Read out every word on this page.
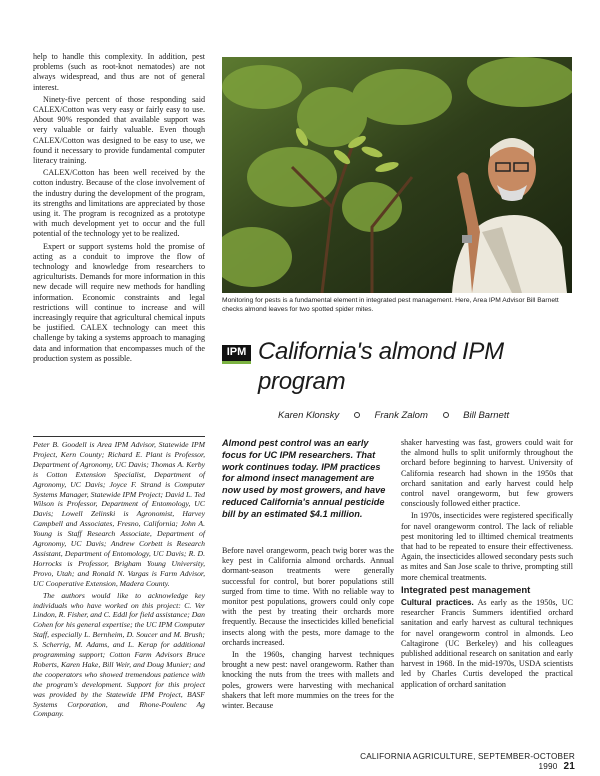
help to handle this complexity. In addition, pest problems (such as root-knot nematodes) are not always widespread, and thus are not of general interest.

Ninety-five percent of those responding said CALEX/Cotton was very easy or fairly easy to use. About 90% responded that available support was very valuable or fairly valuable. Even though CALEX/Cotton was designed to be easy to use, we found it necessary to provide fundamental computer literacy training.

CALEX/Cotton has been well received by the cotton industry. Because of the close involvement of the industry during the development of the program, its strengths and limitations are appreciated by those using it. The program is recognized as a prototype with much development yet to occur and the full potential of the technology yet to be realized.

Expert or support systems hold the promise of acting as a conduit to improve the flow of technology and knowledge from researchers to agriculturists. Demands for more information in this new decade will require new methods for handling information. Economic constraints and legal restrictions will continue to increase and will increasingly require that agricultural chemical inputs be justified. CALEX technology can meet this challenge by taking a systems approach to managing data and information that encompasses much of the production system as possible.

Peter B. Goodell is Area IPM Advisor, Statewide IPM Project, Kern County; Richard E. Plant is Professor, Department of Agronomy, UC Davis; Thomas A. Kerby is Cotton Extension Specialist, Department of Agronomy, UC Davis; Joyce F. Strand is Computer Systems Manager, Statewide IPM Project; David L. Ted Wilson is Professor, Department of Entomology, UC Davis; Lowell Zelinski is Agronomist, Harvey Campbell and Associates, Fresno, California; John A. Young is Staff Research Associate, Department of Agronomy, UC Davis; Andrew Corbett is Research Assistant, Department of Entomology, UC Davis; R. D. Horrocks is Professor, Brigham Young University, Provo, Utah; and Ronald N. Vargas is Farm Advisor, UC Cooperative Extension, Madera County.

The authors would like to acknowledge key individuals who have worked on this project: C. Ver Lindon, R. Fisher, and C. Eddl for field assistance; Dan Cohen for his general expertise; the UC IPM Computer Staff, especially L. Bernheim, D. Soucer and M. Brush; S. Scherrig, M. Adams, and L. Kerap for additional programming support; Cotton Farm Advisors Bruce Roberts, Karen Hake, Bill Weir, and Doug Munier; and the cooperators who showed tremendous patience with the program's development. Support for this project was provided by the Statewide IPM Project, BASF Systems Corporation, and Rhone-Poulenc Ag Company.

Monitoring for pests is a fundamental element in integrated pest management. Here, Area IPM Advisor Bill Barnett checks almond leaves for two spotted spider mites.
IPM California's almond IPM program
Karen Klonsky	Frank Zalom	Bill Barnett
Almond pest control was an early focus for UC IPM researchers. That work continues today. IPM practices for almond insect management are now used by most growers, and have reduced California's annual pesticide bill by an estimated $4.1 million.

Before navel orangeworm, peach twig borer was the key pest in California almond orchards. Annual dormant-season treatments were generally successful for control, but borer populations still surged from time to time. With no reliable way to monitor pest populations, growers could only cope with the pest by treating their orchards more frequently. Because the insecticides killed beneficial insects along with the pests, more damage to the orchards increased.

In the 1960s, changing harvest techniques brought a new pest: navel orangeworm. Rather than knocking the nuts from the trees with mallets and poles, growers were harvesting with mechanical shakers that left more mummies on the trees for the winter. Because

shaker harvesting was fast, growers could wait for the almond hulls to split uniformly throughout the orchard before beginning to harvest. University of California research had shown in the 1950s that orchard sanitation and early harvest could help control navel orangeworm, but few growers consciously followed either practice.

In 1970s, insecticides were registered specifically for navel orangeworm control. The lack of reliable pest monitoring led to illtimed chemical treatments that had to be repeated to ensure their effectiveness. Again, the insecticides allowed secondary pests such as mites and San Jose scale to thrive, prompting still more chemical treatments.

Integrated pest management

Cultural practices. As early as the 1950s, UC researcher Francis Summers identified orchard sanitation and early harvest as cultural techniques for navel orangeworm control in almonds. Leo Caltagirone (UC Berkeley) and his colleagues published additional research on sanitation and early harvest in 1968. In the mid-1970s, USDA scientists led by Charles Curtis developed the practical application of orchard sanitation

CALIFORNIA AGRICULTURE, SEPTEMBER-OCTOBER 1990 21
